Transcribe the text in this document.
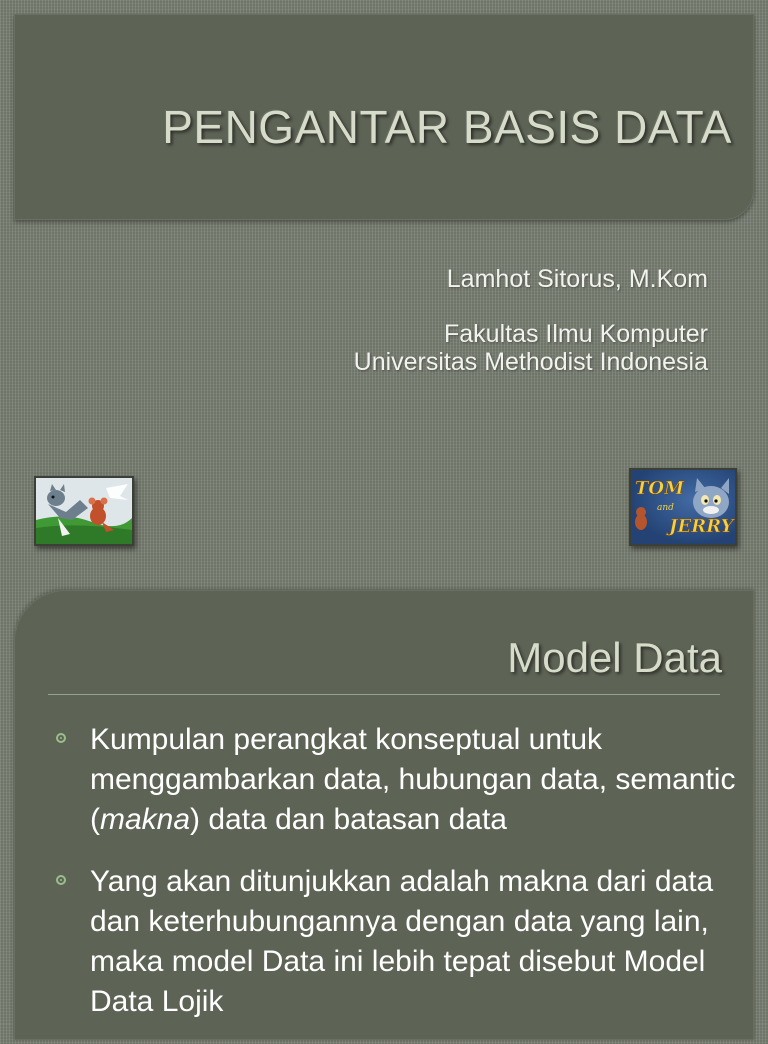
PENGANTAR BASIS DATA
Lamhot Sitorus, M.Kom
Fakultas Ilmu Komputer
Universitas Methodist Indonesia
TOM
and
JERRY
Model Data
Kumpulan perangkat konseptual untuk menggambarkan data, hubungan data, semantic (makna) data dan batasan data
Yang akan ditunjukkan adalah makna dari data dan keterhubungannya dengan data yang lain, maka model Data ini lebih tepat disebut Model Data Lojik
